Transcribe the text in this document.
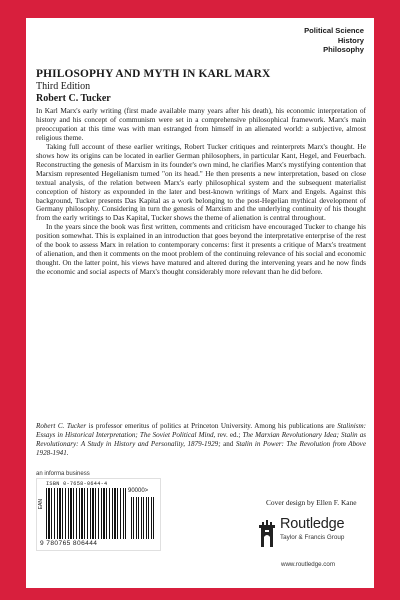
Political Science
History
Philosophy
PHILOSOPHY AND MYTH IN KARL MARX
Third Edition
Robert C. Tucker

In Karl Marx's early writing (first made available many years after his death), his economic interpretation of history and his concept of communism were set in a comprehensive philosophical framework. Marx's main preoccupation at this time was with man estranged from himself in an alienated world: a subjective, almost religious theme.

Taking full account of these earlier writings, Robert Tucker critiques and reinterprets Marx's thought. He shows how its origins can be located in earlier German philosophers, in particular Kant, Hegel, and Feuerbach. Reconstructing the genesis of Marxism in its founder's own mind, he clarifies Marx's mystifying contention that Marxism represented Hegelianism turned "on its head." He then presents a new interpretation, based on close textual analysis, of the relation between Marx's early philosophical system and the subsequent materialist conception of history as expounded in the later and best-known writings of Marx and Engels. Against this background, Tucker presents Das Kapital as a work belonging to the post-Hegelian mythical development of Germany philosophy. Considering in turn the genesis of Marxism and the underlying continuity of his thought from the early writings to Das Kapital, Tucker shows the theme of alienation is central throughout.

In the years since the book was first written, comments and criticism have encouraged Tucker to change his position somewhat. This is explained in an introduction that goes beyond the interpretative enterprise of the rest of the book to assess Marx in relation to contemporary concerns: first it presents a critique of Marx's treatment of alienation, and then it comments on the moot problem of the continuing relevance of his social and economic thought. On the latter point, his views have matured and altered during the intervening years and he now finds the economic and social aspects of Marx's thought considerably more relevant than he did before.

Robert C. Tucker is professor emeritus of politics at Princeton University. Among his publications are Stalinism: Essays in Historical Interpretation; The Soviet Political Mind, rev. ed.; The Marxian Revolutionary Idea; Stalin as Revolutionary: A Study in History and Personality, 1879-1929; and Stalin in Power: The Revolution from Above 1928-1941.
an informa business
ISBN 0-7658-0644-4
EAN
90000>
9 780765 806444
Cover design by Ellen F. Kane
Routledge
Taylor & Francis Group
www.routledge.com
